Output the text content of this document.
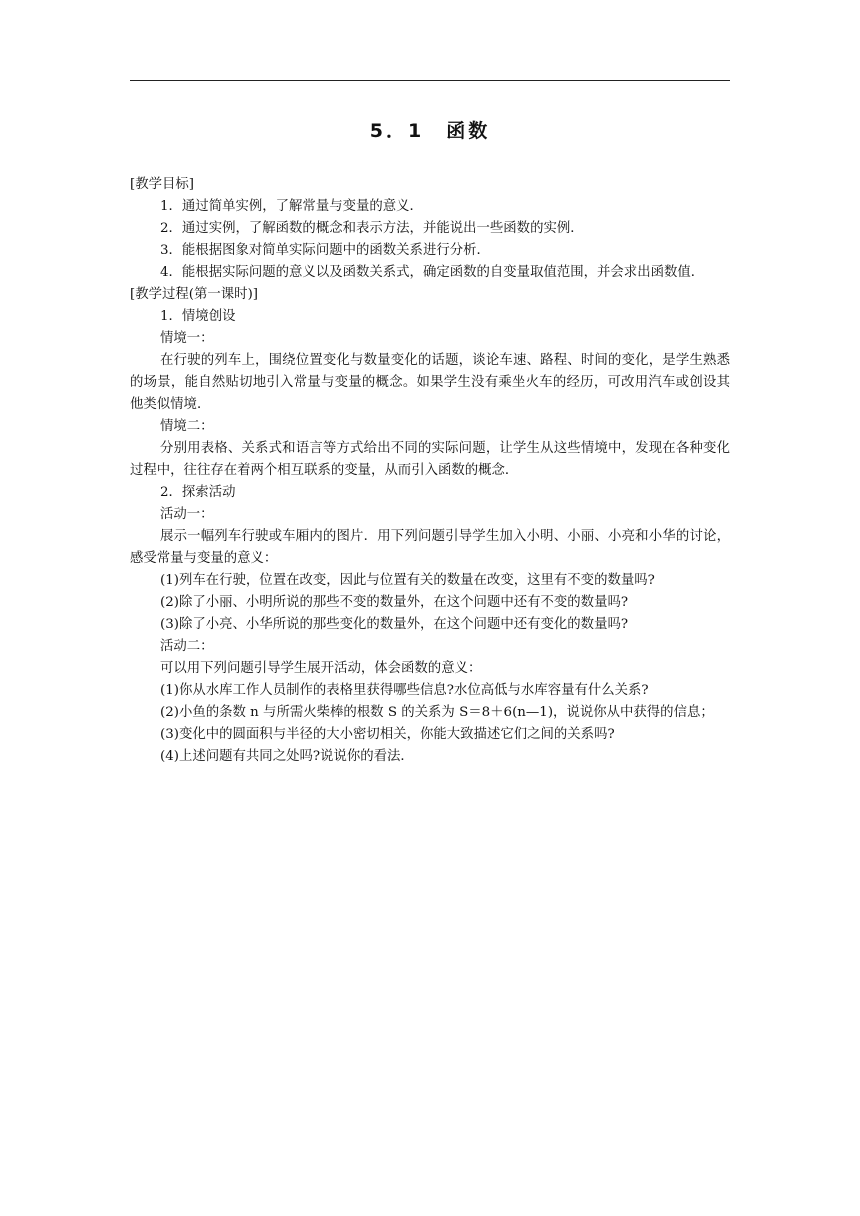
5．1　函数

[教学目标]

1．通过简单实例，了解常量与变量的意义．

2．通过实例，了解函数的概念和表示方法，并能说出一些函数的实例．

3．能根据图象对简单实际问题中的函数关系进行分析．

4．能根据实际问题的意义以及函数关系式，确定函数的自变量取值范围，并会求出函数值．

[教学过程(第一课时)]

1．情境创设

情境一：

在行驶的列车上，围绕位置变化与数量变化的话题，谈论车速、路程、时间的变化，是学生熟悉的场景，能自然贴切地引入常量与变量的概念。如果学生没有乘坐火车的经历，可改用汽车或创设其他类似情境．

情境二：

分别用表格、关系式和语言等方式给出不同的实际问题，让学生从这些情境中，发现在各种变化过程中，往往存在着两个相互联系的变量，从而引入函数的概念．

2．探索活动

活动一：

展示一幅列车行驶或车厢内的图片．用下列问题引导学生加入小明、小丽、小亮和小华的讨论，感受常量与变量的意义：

(1)列车在行驶，位置在改变，因此与位置有关的数量在改变，这里有不变的数量吗?

(2)除了小丽、小明所说的那些不变的数量外，在这个问题中还有不变的数量吗?

(3)除了小亮、小华所说的那些变化的数量外，在这个问题中还有变化的数量吗?

活动二：

可以用下列问题引导学生展开活动，体会函数的意义：

(1)你从水库工作人员制作的表格里获得哪些信息?水位高低与水库容量有什么关系?

(2)小鱼的条数 n 与所需火柴棒的根数 S 的关系为 S＝8＋6(n—1)，说说你从中获得的信息；

(3)变化中的圆面积与半径的大小密切相关，你能大致描述它们之间的关系吗?

(4)上述问题有共同之处吗?说说你的看法．
